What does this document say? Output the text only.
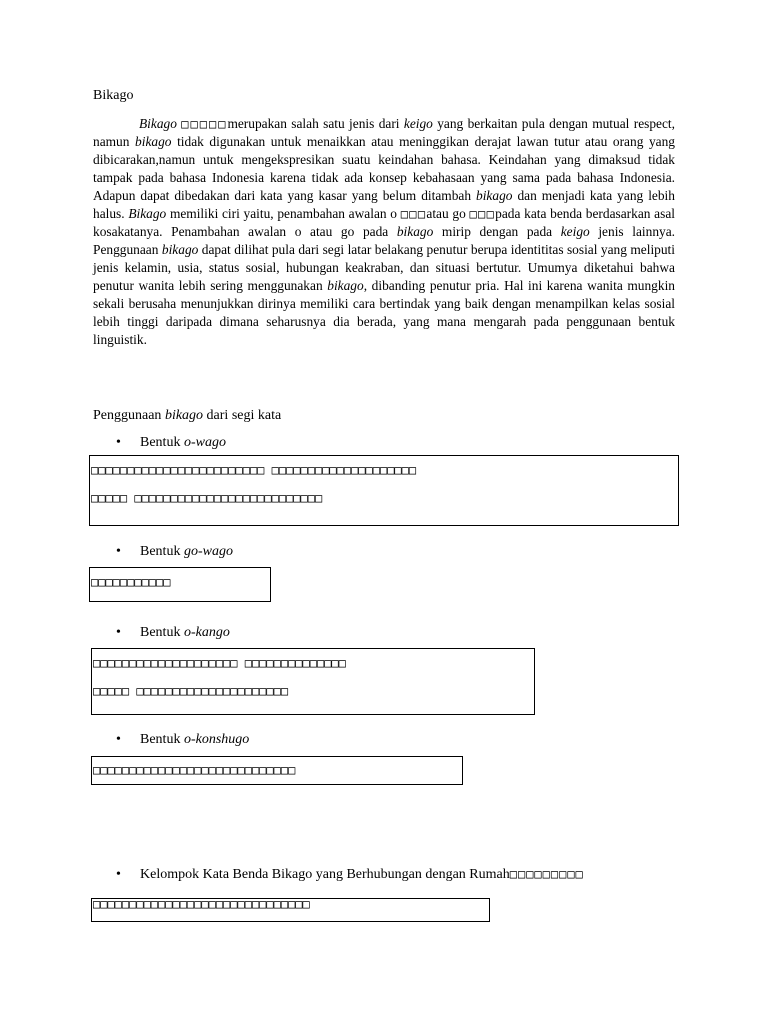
Bikago
Bikago □□□□□merupakan salah satu jenis dari keigo yang berkaitan pula dengan mutual respect, namun bikago tidak digunakan untuk menaikkan atau meninggikan derajat lawan tutur atau orang yang dibicarakan,namun untuk mengekspresikan suatu keindahan bahasa. Keindahan yang dimaksud tidak tampak pada bahasa Indonesia karena tidak ada konsep kebahasaan yang sama pada bahasa Indonesia. Adapun dapat dibedakan dari kata yang kasar yang belum ditambah bikago dan menjadi kata yang lebih halus. Bikago memiliki ciri yaitu, penambahan awalan o □□□atau go □□□pada kata benda berdasarkan asal kosakatanya. Penambahan awalan o atau go pada bikago mirip dengan pada keigo jenis lainnya. Penggunaan bikago dapat dilihat pula dari segi latar belakang penutur berupa identititas sosial yang meliputi jenis kelamin, usia, status sosial, hubungan keakraban, dan situasi bertutur. Umumya diketahui bahwa penutur wanita lebih sering menggunakan bikago, dibanding penutur pria. Hal ini karena wanita mungkin sekali berusaha menunjukkan dirinya memiliki cara bertindak yang baik dengan menampilkan kelas sosial lebih tinggi daripada dimana seharusnya dia berada, yang mana mengarah pada penggunaan bentuk linguistik.
Penggunaan bikago dari segi kata
• Bentuk o-wago
□□□□□□□□□□□□□□□□□□□□□□□□ □□□□□□□□□□□□□□□□□□□□
□□□□□ □□□□□□□□□□□□□□□□□□□□□□□□□□
• Bentuk go-wago
□□□□□□□□□□□
• Bentuk o-kango
□□□□□□□□□□□□□□□□□□□□ □□□□□□□□□□□□□□
□□□□□ □□□□□□□□□□□□□□□□□□□□□
• Bentuk o-konshugo
□□□□□□□□□□□□□□□□□□□□□□□□□□□□
• Kelompok Kata Benda Bikago yang Berhubungan dengan Rumah□□□□□□□□□
□□□□□□□□□□□□□□□□□□□□□□□□□□□□□□
